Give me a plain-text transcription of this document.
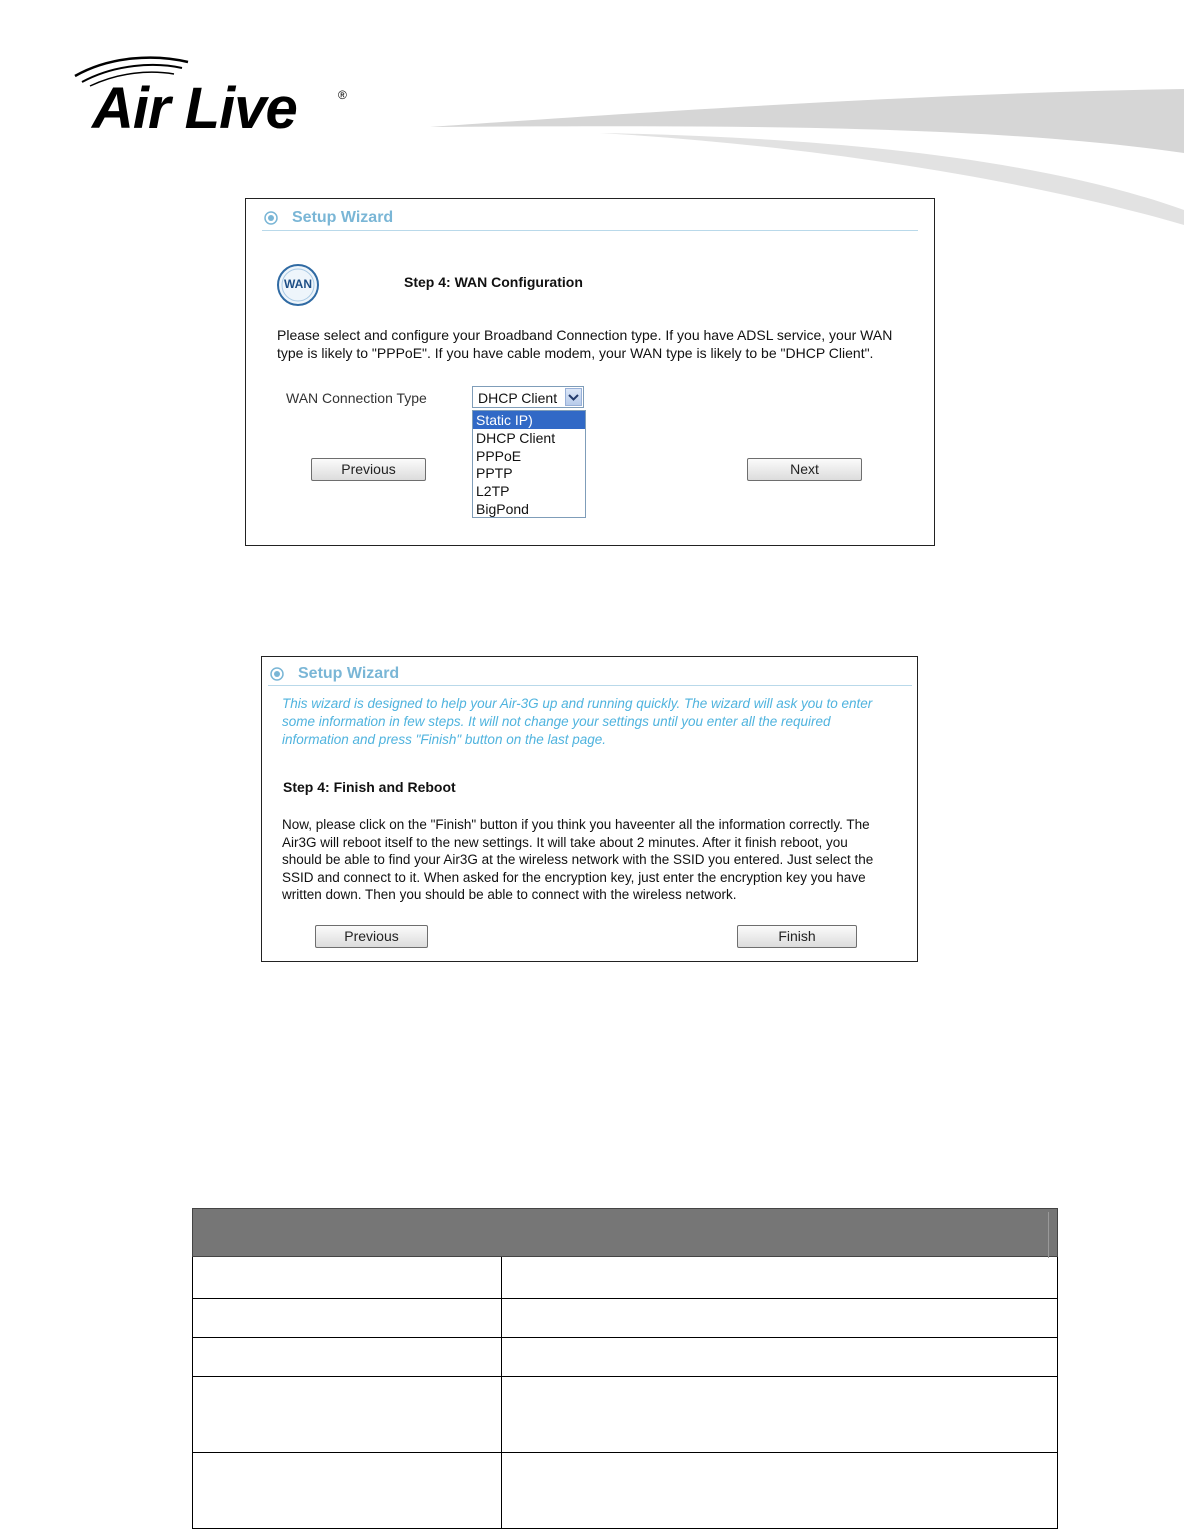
Air Live	®
Setup Wizard
WAN	Step 4: WAN Configuration
Please select and configure your Broadband Connection type. If you have ADSL service, your WAN
type is likely to "PPPoE". If you have cable modem, your WAN type is likely to be "DHCP Client".
WAN Connection Type	DHCP Client
Static IP)
DHCP Client
PPPoE
PPTP
L2TP
BigPond
Previous	Next
Setup Wizard
This wizard is designed to help your Air-3G up and running quickly. The wizard will ask you to enter
some information in few steps. It will not change your settings until you enter all the required
information and press "Finish" button on the last page.
Step 4: Finish and Reboot
Now, please click on the "Finish" button if you think you haveenter all the information correctly. The
Air3G will reboot itself to the new settings. It will take about 2 minutes. After it finish reboot, you
should be able to find your Air3G at the wireless network with the SSID you entered. Just select the
SSID and connect to it. When asked for the encryption key, just enter the encryption key you have
written down. Then you should be able to connect with the wireless network.
Previous	Finish
